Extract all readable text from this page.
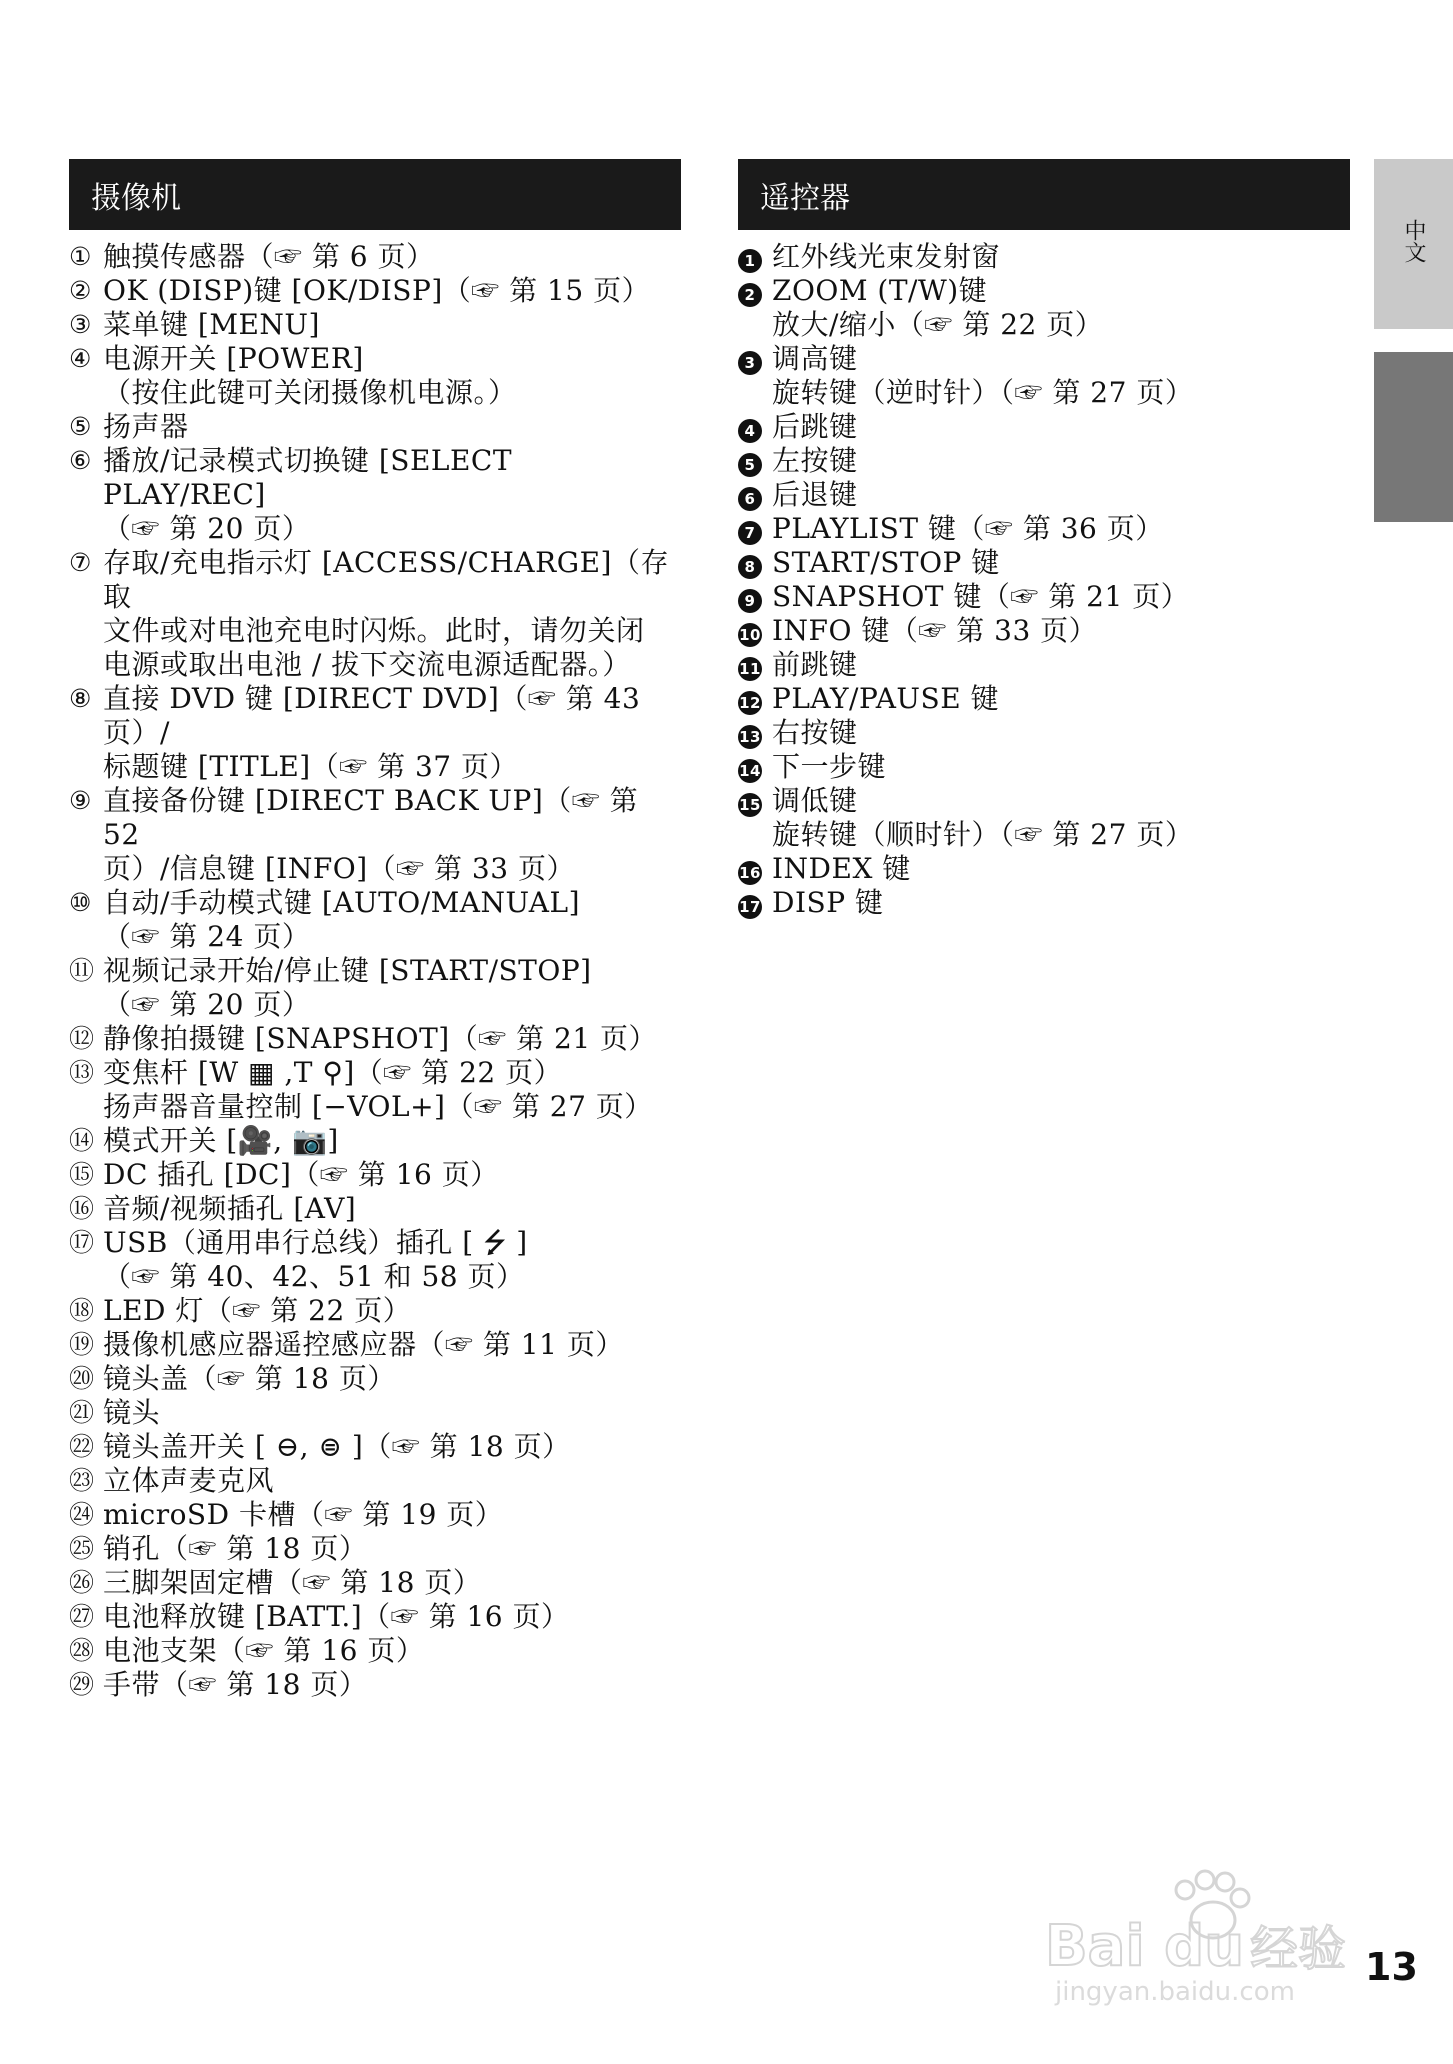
摄像机
① 触摸传感器（☞ 第 6 页）
② OK (DISP)键 [OK/DISP]（☞ 第 15 页）
③ 菜单键 [MENU]
④ 电源开关 [POWER]
（按住此键可关闭摄像机电源。）
⑤ 扬声器
⑥ 播放/记录模式切换键 [SELECT PLAY/REC]
（☞ 第 20 页）
⑦ 存取/充电指示灯 [ACCESS/CHARGE]（存取
文件或对电池充电时闪烁。此时，请勿关闭
电源或取出电池 / 拔下交流电源适配器。）
⑧ 直接 DVD 键 [DIRECT DVD]（☞ 第 43 页）/
标题键 [TITLE]（☞ 第 37 页）
⑨ 直接备份键 [DIRECT BACK UP]（☞ 第 52
页）/信息键 [INFO]（☞ 第 33 页）
⑩ 自动/手动模式键 [AUTO/MANUAL]
（☞ 第 24 页）
⑪ 视频记录开始/停止键 [START/STOP]
（☞ 第 20 页）
⑫ 静像拍摄键 [SNAPSHOT]（☞ 第 21 页）
⑬ 变焦杆 [W ▦ ,T ⚲]（☞ 第 22 页）
扬声器音量控制 [−VOL+]（☞ 第 27 页）
⑭ 模式开关 [🎥, 📷]
⑮ DC 插孔 [DC]（☞ 第 16 页）
⑯ 音频/视频插孔 [AV]
⑰ USB（通用串行总线）插孔 [ ⭍ ]
（☞ 第 40、42、51 和 58 页）
⑱ LED 灯（☞ 第 22 页）
⑲ 摄像机感应器遥控感应器（☞ 第 11 页）
⑳ 镜头盖（☞ 第 18 页）
㉑ 镜头
㉒ 镜头盖开关 [ ⊖, ⊜ ]（☞ 第 18 页）
㉓ 立体声麦克风
㉔ microSD 卡槽（☞ 第 19 页）
㉕ 销孔（☞ 第 18 页）
㉖ 三脚架固定槽（☞ 第 18 页）
㉗ 电池释放键 [BATT.]（☞ 第 16 页）
㉘ 电池支架（☞ 第 16 页）
㉙ 手带（☞ 第 18 页）
遥控器
1 红外线光束发射窗
2 ZOOM (T/W)键
放大/缩小（☞ 第 22 页）
3 调高键
旋转键（逆时针）（☞ 第 27 页）
4 后跳键
5 左按键
6 后退键
7 PLAYLIST 键（☞ 第 36 页）
8 START/STOP 键
9 SNAPSHOT 键（☞ 第 21 页）
10 INFO 键（☞ 第 33 页）
11 前跳键
12 PLAY/PAUSE 键
13 右按键
14 下一步键
15 调低键
旋转键（顺时针）（☞ 第 27 页）
16 INDEX 键
17 DISP 键
中文
Bai du 经验
jingyan.baidu.com
13
